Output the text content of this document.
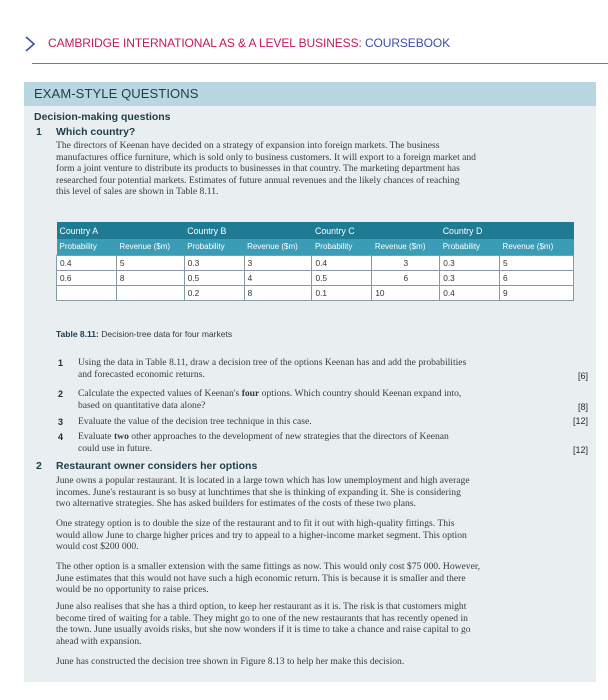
CAMBRIDGE INTERNATIONAL AS & A LEVEL BUSINESS: COURSEBOOK
EXAM-STYLE QUESTIONS
Decision-making questions
1 Which country?
The directors of Keenan have decided on a strategy of expansion into foreign markets. The business
manufactures office furniture, which is sold only to business customers. It will export to a foreign market and
form a joint venture to distribute its products to businesses in that country. The marketing department has
researched four potential markets. Estimates of future annual revenues and the likely chances of reaching
this level of sales are shown in Table 8.11.
Country A		Country B		Country C		Country D	
Probability	Revenue ($m)	Probability	Revenue ($m)	Probability	Revenue ($m)	Probability	Revenue ($m)
0.4	5	0.3	3	0.4	3	0.3	5
0.6	8	0.5	4	0.5	6	0.3	6
		0.2	8	0.1	10	0.4	9
Table 8.11: Decision-tree data for four markets
1 Using the data in Table 8.11, draw a decision tree of the options Keenan has and add the probabilities
and forecasted economic returns.	[6]
2 Calculate the expected values of Keenan's four options. Which country should Keenan expand into,
based on quantitative data alone?	[8]
3 Evaluate the value of the decision tree technique in this case.	[12]
4 Evaluate two other approaches to the development of new strategies that the directors of Keenan
could use in future.	[12]
2 Restaurant owner considers her options
June owns a popular restaurant. It is located in a large town which has low unemployment and high average
incomes. June's restaurant is so busy at lunchtimes that she is thinking of expanding it. She is considering
two alternative strategies. She has asked builders for estimates of the costs of these two plans.
One strategy option is to double the size of the restaurant and to fit it out with high-quality fittings. This
would allow June to charge higher prices and try to appeal to a higher-income market segment. This option
would cost $200 000.
The other option is a smaller extension with the same fittings as now. This would only cost $75 000. However,
June estimates that this would not have such a high economic return. This is because it is smaller and there
would be no opportunity to raise prices.
June also realises that she has a third option, to keep her restaurant as it is. The risk is that customers might
become tired of waiting for a table. They might go to one of the new restaurants that has recently opened in
the town. June usually avoids risks, but she now wonders if it is time to take a chance and raise capital to go
ahead with expansion.
June has constructed the decision tree shown in Figure 8.13 to help her make this decision.
